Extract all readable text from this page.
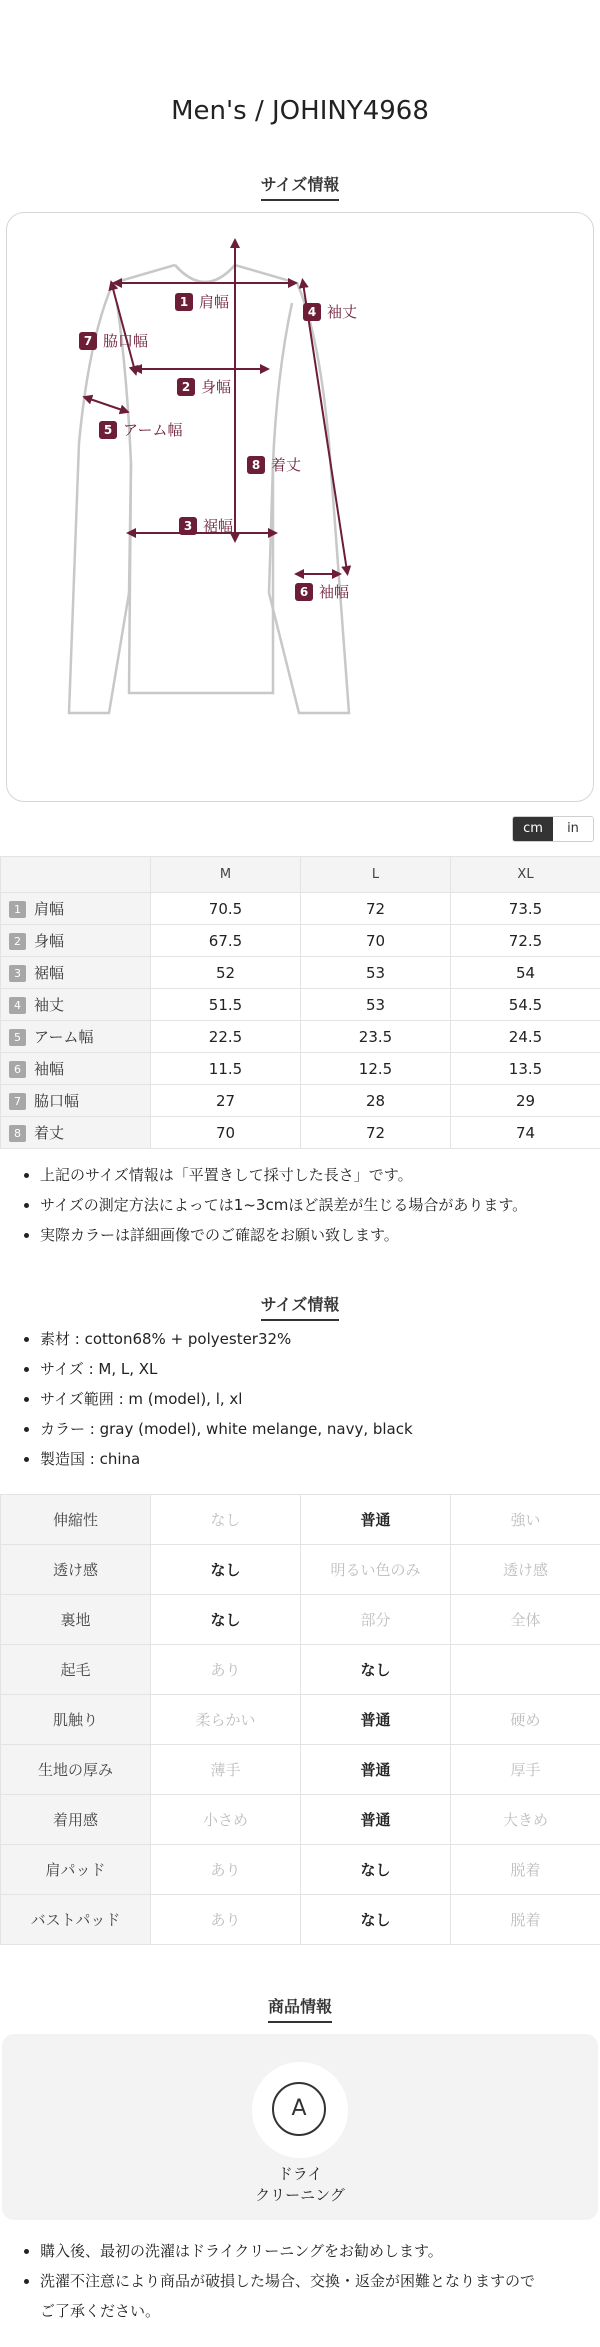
Men's / JOHINY4968
サイズ情報
1 肩幅
2 身幅
3 裾幅
4 袖丈
5 アーム幅
6 袖幅
7 脇口幅
8 着丈
cm	in
	M	L	XL
1 肩幅	70.5	72	73.5
2 身幅	67.5	70	72.5
3 裾幅	52	53	54
4 袖丈	51.5	53	54.5
5 アーム幅	22.5	23.5	24.5
6 袖幅	11.5	12.5	13.5
7 脇口幅	27	28	29
8 着丈	70	72	74
• 上記のサイズ情報は「平置きして採寸した長さ」です。
• サイズの測定方法によっては1~3cmほど誤差が生じる場合があります。
• 実際カラーは詳細画像でのご確認をお願い致します。
サイズ情報
• 素材 : cotton68% + polyester32%
• サイズ : M, L, XL
• サイズ範囲 : m (model), l, xl
• カラー : gray (model), white melange, navy, black
• 製造国 : china
伸縮性	なし	普通	強い
透け感	なし	明るい色のみ	透け感
裏地	なし	部分	全体
起毛	あり	なし	
肌触り	柔らかい	普通	硬め
生地の厚み	薄手	普通	厚手
着用感	小さめ	普通	大きめ
肩パッド	あり	なし	脱着
バストパッド	あり	なし	脱着
商品情報
A
ドライ
クリーニング
• 購入後、最初の洗濯はドライクリーニングをお勧めします。
• 洗濯不注意により商品が破損した場合、交換・返金が困難となりますので
ご了承ください。
